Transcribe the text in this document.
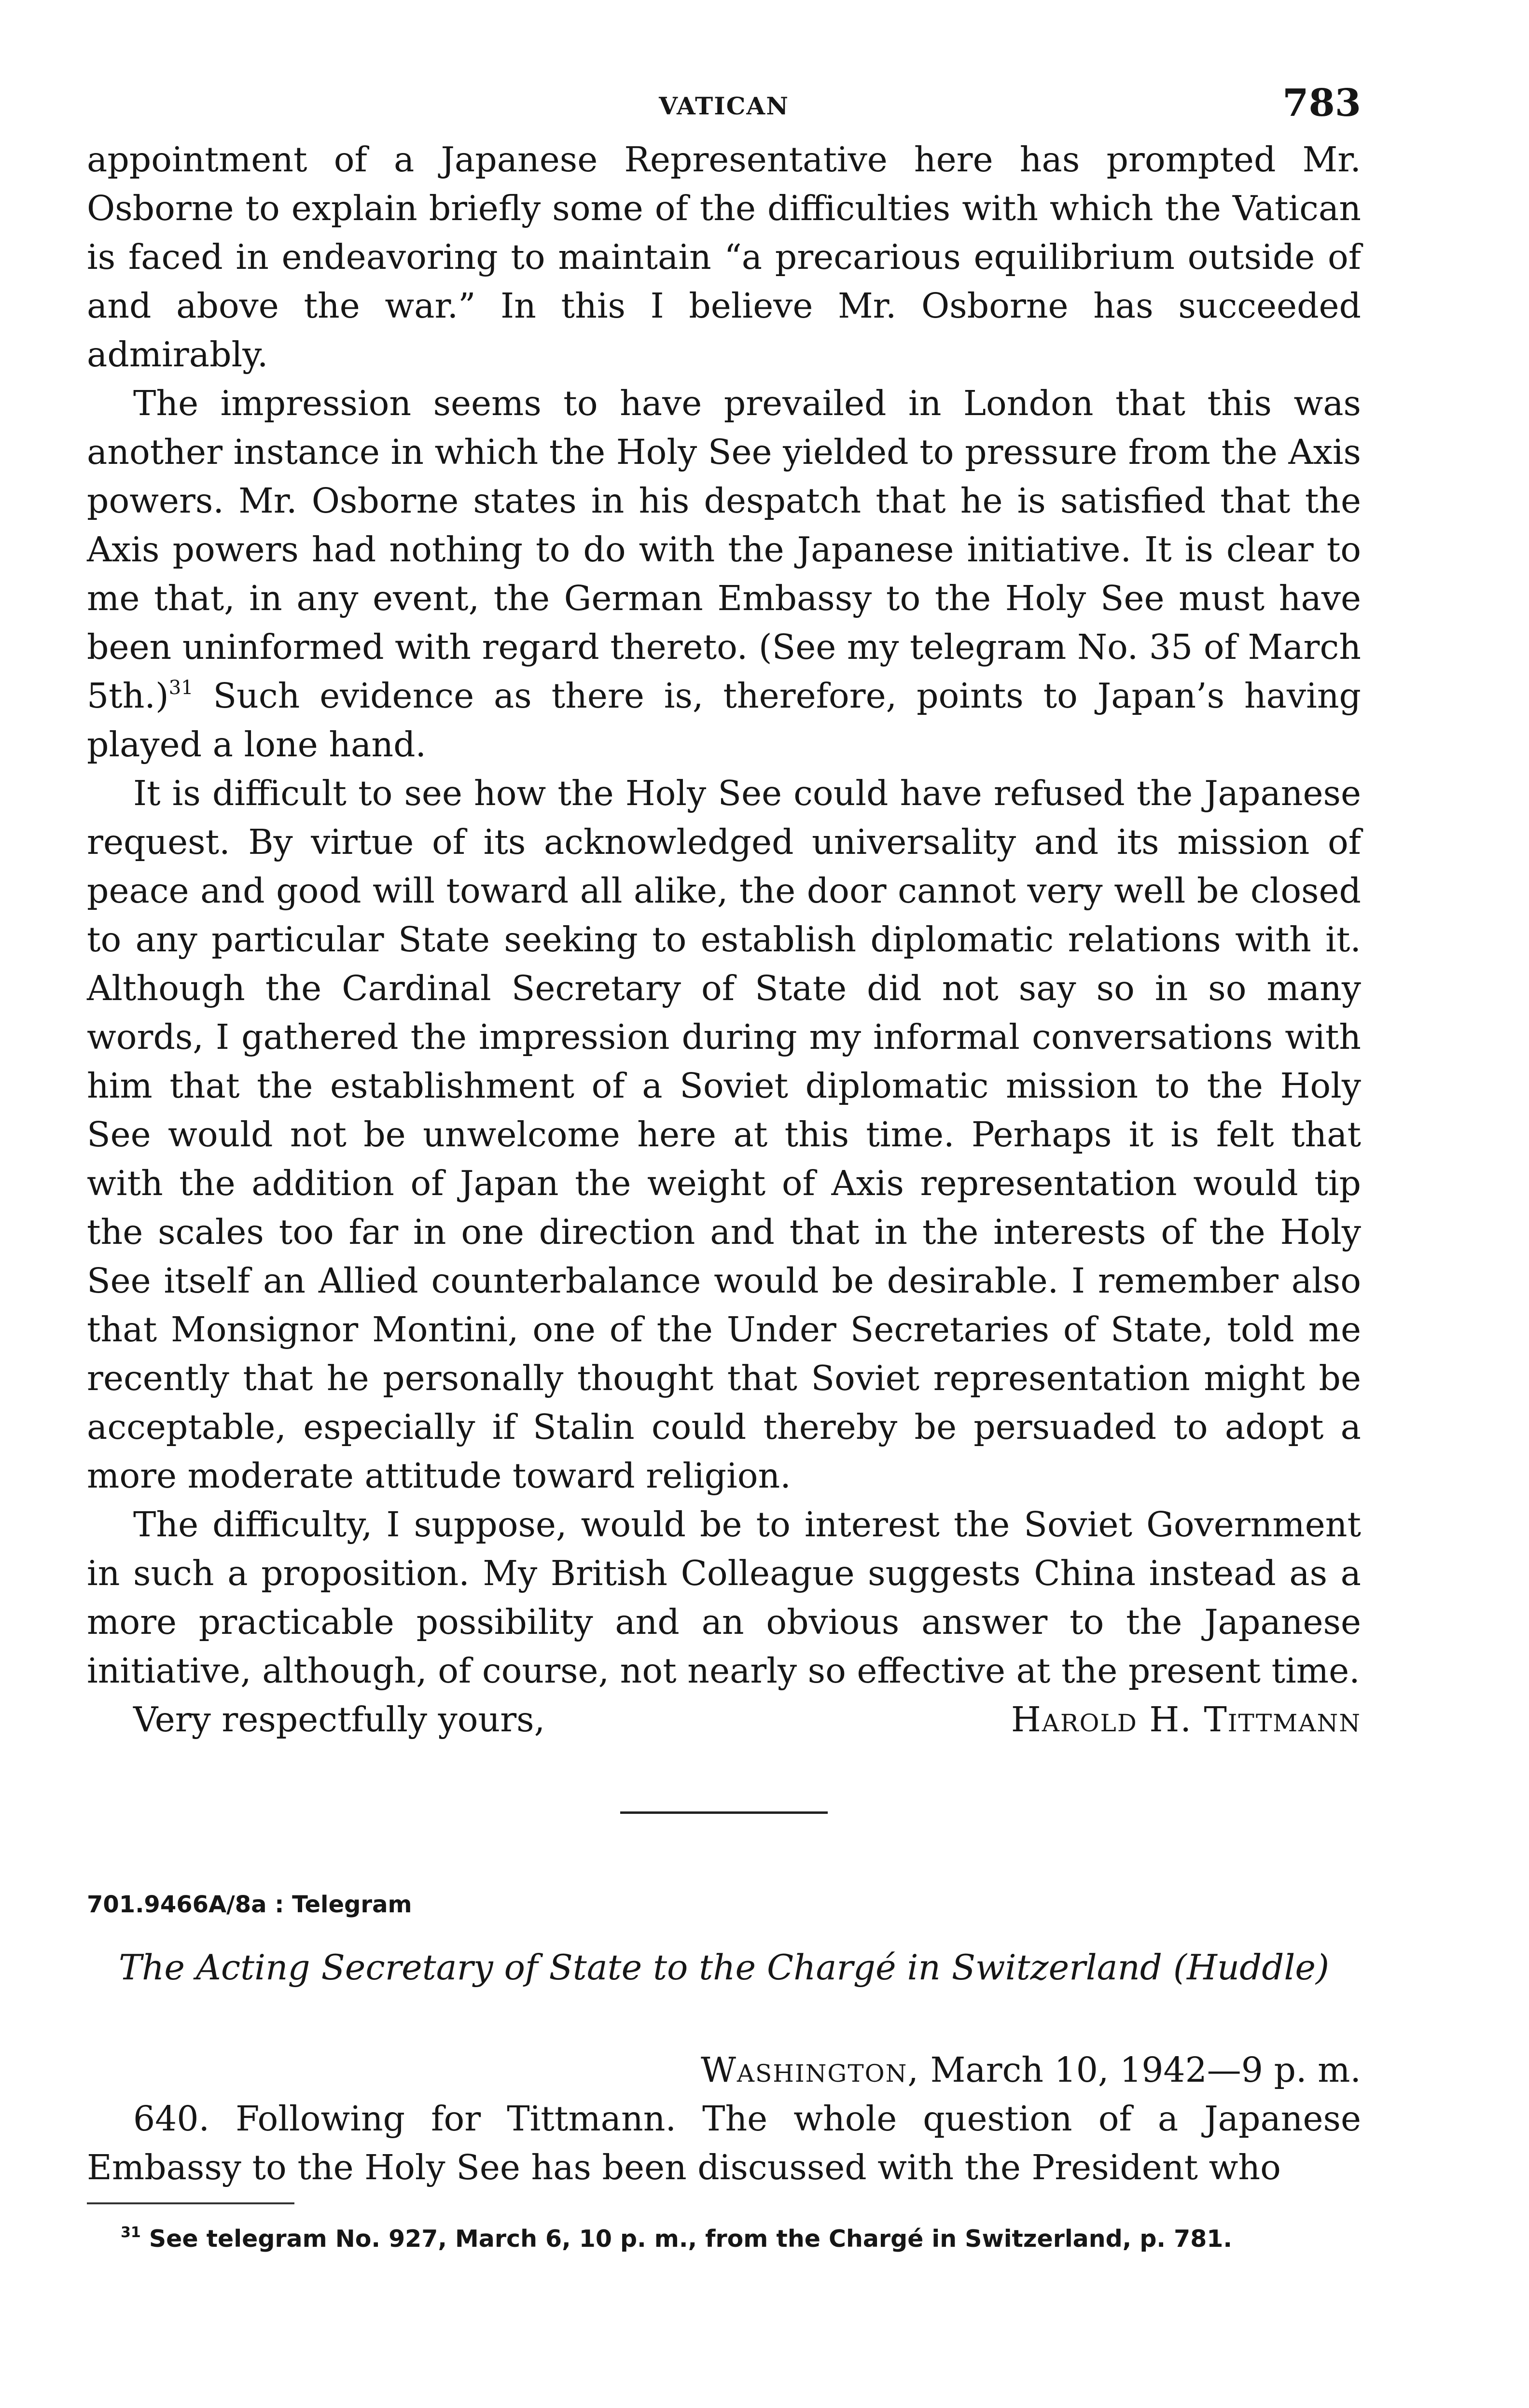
VATICAN	783

appointment of a Japanese Representative here has prompted Mr. Osborne to explain briefly some of the difficulties with which the Vatican is faced in endeavoring to maintain “a precarious equilibrium outside of and above the war.” In this I believe Mr. Osborne has succeeded admirably.

The impression seems to have prevailed in London that this was another instance in which the Holy See yielded to pressure from the Axis powers. Mr. Osborne states in his despatch that he is satisfied that the Axis powers had nothing to do with the Japanese initiative. It is clear to me that, in any event, the German Embassy to the Holy See must have been uninformed with regard thereto. (See my telegram No. 35 of March 5th.)$^{31}$ Such evidence as there is, therefore, points to Japan’s having played a lone hand.

It is difficult to see how the Holy See could have refused the Japanese request. By virtue of its acknowledged universality and its mission of peace and good will toward all alike, the door cannot very well be closed to any particular State seeking to establish diplomatic relations with it. Although the Cardinal Secretary of State did not say so in so many words, I gathered the impression during my informal conversations with him that the establishment of a Soviet diplomatic mission to the Holy See would not be unwelcome here at this time. Perhaps it is felt that with the addition of Japan the weight of Axis representation would tip the scales too far in one direction and that in the interests of the Holy See itself an Allied counterbalance would be desirable. I remember also that Monsignor Montini, one of the Under Secretaries of State, told me recently that he personally thought that Soviet representation might be acceptable, especially if Stalin could thereby be persuaded to adopt a more moderate attitude toward religion.

The difficulty, I suppose, would be to interest the Soviet Government in such a proposition. My British Colleague suggests China instead as a more practicable possibility and an obvious answer to the Japanese initiative, although, of course, not nearly so effective at the present time.

Very respectfully yours,	Harold H. Tittmann
701.9466A/8a : Telegram
The Acting Secretary of State to the Chargé in Switzerland (Huddle)

Washington, March 10, 1942—9 p. m.

640. Following for Tittmann. The whole question of a Japanese Embassy to the Holy See has been discussed with the President who

$^{31}$ See telegram No. 927, March 6, 10 p. m., from the Chargé in Switzerland, p. 781.
